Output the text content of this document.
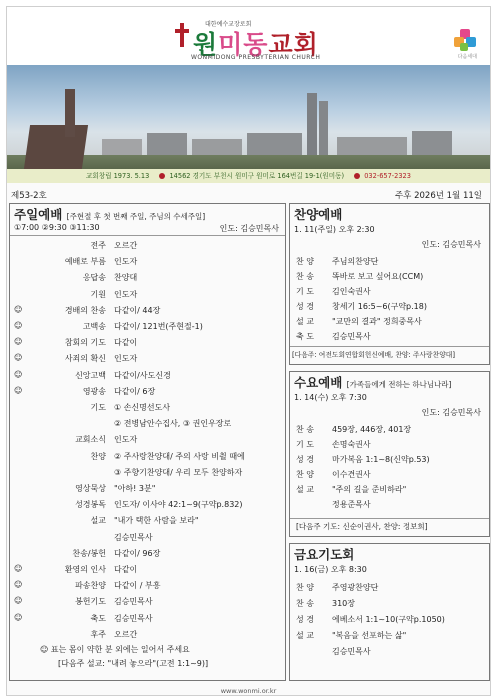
대한예수교장로회
원미동교회
WONMIDONG PRESBYTERIAN CHURCH	다음세대
교회창립 1973. 5.13	14562 경기도 부천시 원미구 원미로 164번길 19-1(원미동)	032-657-2323
제53-2호	주후 2026년 1월 11일
주일예배 [주현절 후 첫 번째 주일, 주님의 수세주일]
①7:00 ②9:30 ③11:30	인도: 김승민목사
전주 오르간
예배로 부름 인도자
응답송 찬양대
기원 인도자
☺	경배의 찬송 다같이/ 44장
☺	고백송 다같이/ 121번(주현절-1)
☺	참회의 기도 다같이
☺	사죄의 확신 인도자
☺	신앙고백 다같이/사도신경
☺	영광송 다같이/ 6장
기도 ① 손신명선도사
② 전병남안수집사, ③ 권인우장로
교회소식 인도자
찬양 ② 주사랑찬양대/ 주의 사랑 비췰 때에
③ 주향기찬양대/ 우리 모두 찬양하자
영상묵상 "아하! 3분"
성경봉독 인도자/ 이사야 42:1~9(구약p.832)
설교 "내가 택한 사람을 보라"
김승민목사
찬송/봉헌 다같이/ 96장
☺	환영의 인사 다같이
☺	파송찬양 다같이 / 부흥
☺	봉헌기도 김승민목사
☺	축도 김승민목사
후주 오르간
☺ 표는 몸이 약한 분 외에는 일어서 주세요
[다음주 설교: "내려 놓으라"(고전 1:1~9)]
찬양예배
1. 11(주일) 오후 2:30
인도: 김승민목사
찬 양	주님의찬양단
찬 송	똑바로 보고 싶어요(CCM)
기 도	김인숙권사
성 경	창세기 16:5~6(구약p.18)
설 교	"교만의 결과" 정희중목사
축 도	김승민목사
[다음주: 여전도회연합회헌신예배, 찬양: 주사랑찬양대]
수요예배 [가족들에게 전하는 하나님나라]
1. 14(수) 오후 7:30
인도: 김승민목사
찬 송	459장, 446장, 401장
기 도	손명숙권사
성 경	마가복음 1:1~8(신약p.53)
찬 양	이수견권사
설 교	"주의 길을 준비하라"
정용준목사
[다음주 기도: 신순이권사, 찬양: 정보희]
금요기도회
1. 16(금) 오후 8:30
찬 양	주영광찬양단
찬 송	310장
성 경	에베소서 1:1~10(구약p.1050)
설 교	"복음을 선포하는 삶"
김승민목사
www.wonmi.or.kr
